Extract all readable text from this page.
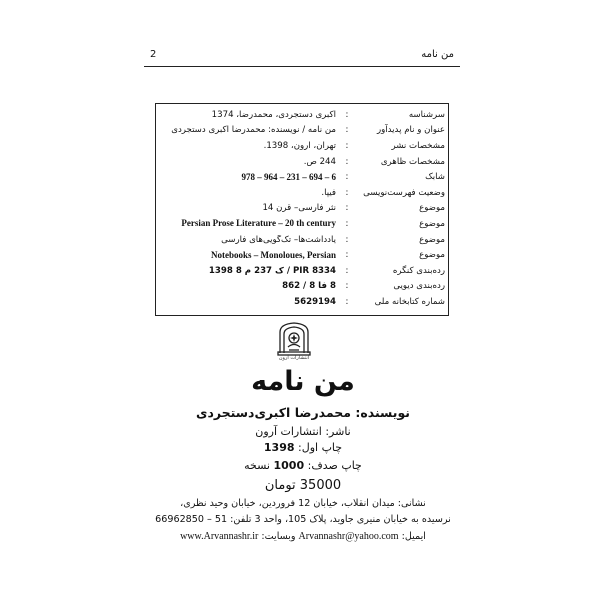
2	من نامه
سرشناسه
:
اکبری دستجردی، محمدرضا، 1374
عنوان و نام پدیدآور
:
من نامه / نویسنده: محمدرضا اکبری دستجردی
مشخصات نشر
:
تهران، آرون، 1398.
مشخصات ظاهری
:
244 ص.
شابک
:
978 – 964 – 231 – 694 – 6
وضعیت فهرست‌نویسی
:
فیپا.
موضوع
:
نثر فارسی– قرن 14
موضوع
:
Persian Prose Literature – 20 th century
موضوع
:
یادداشت‌ها– تک‌گویی‌های فارسی
موضوع
:
Notebooks – Monoloues, Persian
رده‌بندی کنگره
:
PIR 8334 / ک 237 م 8 1398
رده‌بندی دیویی
:
8 فا 8 / 862
شماره کتابخانه ملی
:
5629194
انتشارات آرون
من نامه
نویسنده: محمدرضا اکبری‌دستجردی
ناشر: انتشارات آرون
چاپ اول: 1398
چاپ صدف: 1000 نسخه
35000 تومان
نشانی: میدان انقلاب، خیابان 12 فروردین، خیابان وحید نظری،
نرسیده به خیابان منیری جاوید، پلاک 105، واحد 3 تلفن: 51 – 66962850
ایمیل: Arvannashr@yahoo.com وبسایت: www.Arvannashr.ir
